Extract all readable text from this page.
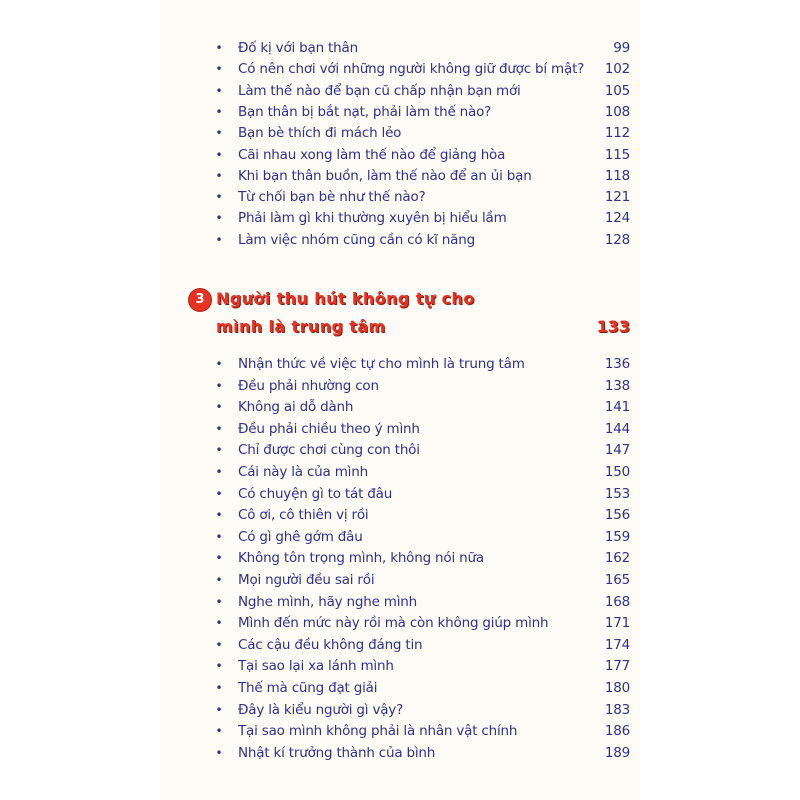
• Đố kị với bạn thân	99
• Có nên chơi với những người không giữ được bí mật? 102
• Làm thế nào để bạn cũ chấp nhận bạn mới	105
• Bạn thân bị bắt nạt, phải làm thế nào?	108
• Bạn bè thích đi mách lẻo	112
• Cãi nhau xong làm thế nào để giảng hòa	115
• Khi bạn thân buồn, làm thế nào để an ủi bạn	118
• Từ chối bạn bè như thế nào?	121
• Phải làm gì khi thường xuyên bị hiểu lầm	124
• Làm việc nhóm cũng cần có kĩ năng	128
3 Người thu hút không tự cho
mình là trung tâm	133
• Nhận thức về việc tự cho mình là trung tâm	136
• Đều phải nhường con	138
• Không ai dỗ dành	141
• Đều phải chiều theo ý mình	144
• Chỉ được chơi cùng con thôi	147
• Cái này là của mình	150
• Có chuyện gì to tát đâu	153
• Cô ơi, cô thiên vị rồi	156
• Có gì ghê gớm đâu	159
• Không tôn trọng mình, không nói nữa	162
• Mọi người đều sai rồi	165
• Nghe mình, hãy nghe mình	168
• Mình đến mức này rồi mà còn không giúp mình	171
• Các cậu đều không đáng tin	174
• Tại sao lại xa lánh mình	177
• Thế mà cũng đạt giải	180
• Đây là kiểu người gì vậy?	183
• Tại sao mình không phải là nhân vật chính	186
• Nhật kí trưởng thành của bình	189
